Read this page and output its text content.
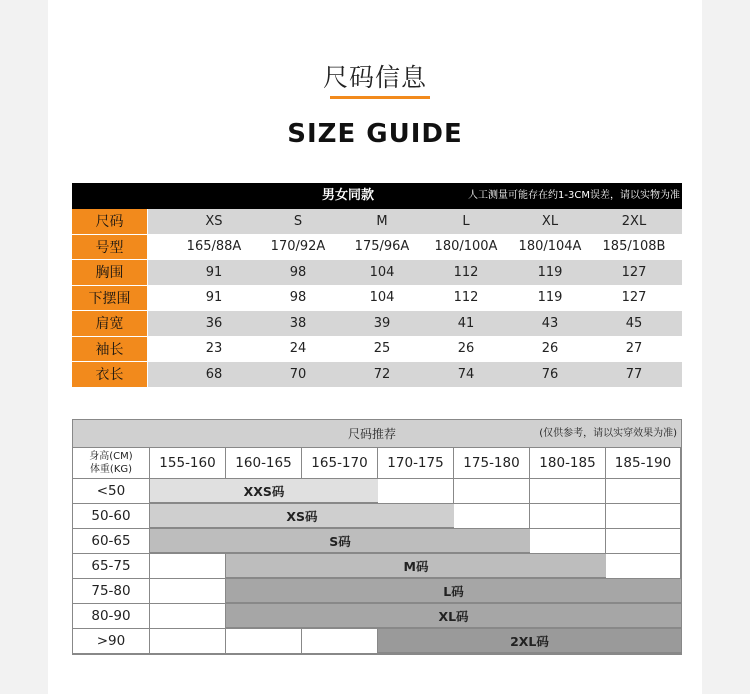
尺码信息
SIZE GUIDE
男女同款	人工测量可能存在约1-3CM误差，请以实物为准
尺码	XS	S	M	L	XL	2XL
号型	165/88A	170/92A	175/96A	180/100A	180/104A	185/108B
胸围	91	98	104	112	119	127
下摆围	91	98	104	112	119	127
肩宽	36	38	39	41	43	45
袖长	23	24	25	26	26	27
衣长	68	70	72	74	76	77
尺码推荐	(仅供参考，请以实穿效果为准)
身高(CM)
体重(KG)	155-160	160-165	165-170	170-175	175-180	180-185	185-190
<50	XXS码
50-60	XS码
60-65	S码
65-75	M码
75-80	L码
80-90	XL码
>90	2XL码
